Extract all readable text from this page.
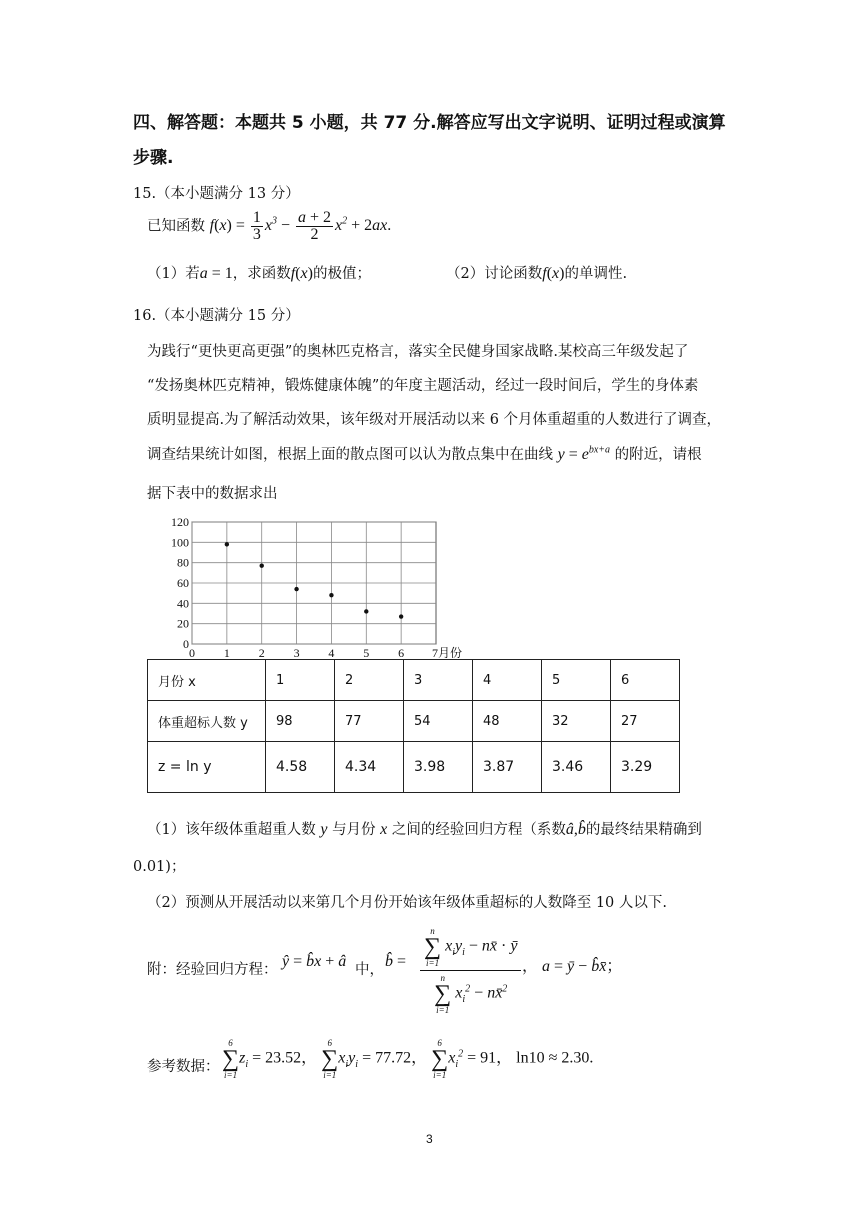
四、解答题：本题共 5 小题，共 77 分.解答应写出文字说明、证明过程或演算
步骤.
15.（本小题满分 13 分）
已知函数 $f(x) = \frac{1}{3} x^3 - \frac{a + 2}{2} x^2 + 2ax$.
（1）若a = 1，求函数f(x)的极值；	（2）讨论函数f(x)的单调性.
16.（本小题满分 15 分）
为践行“更快更高更强”的奥林匹克格言，落实全民健身国家战略.某校高三年级发起了
“发扬奥林匹克精神，锻炼健康体魄”的年度主题活动，经过一段时间后，学生的身体素
质明显提高.为了解活动效果，该年级对开展活动以来 6 个月体重超重的人数进行了调查，
调查结果统计如图，根据上面的散点图可以认为散点集中在曲线 $y = e^{bx+a}$ 的附近，请根
据下表中的数据求出
0
20
40
60
80
100
120
0 1 2 3 4 5 6 7月份
月份 x	1	2	3	4	5	6
体重超标人数 y	98	77	54	48	32	27
z = ln y	4.58	4.34	3.98	3.87	3.46	3.29
（1）该年级体重超重人数 y 与月份 x 之间的经验回归方程（系数â,b̂的最终结果精确到
0.01)；
（2）预测从开展活动以来第几个月份开始该年级体重超标的人数降至 10 人以下.
附：经验回归方程： ŷ = b̂x + â 中， b̂ =
n
∑
i=1
$x_iy_i$ − nx̄ · ȳ
n
∑
i=1
$x_i^2$ − nx̄$^2$
， a = ȳ − b̂x̄；
参考数据：
6
∑
i=1
$z_i = 23.52$，
6
∑
i=1
$x_iy_i = 77.72$，
6
∑
i=1
$x_i^2 = 91$， ln10 ≈ 2.30.
3
